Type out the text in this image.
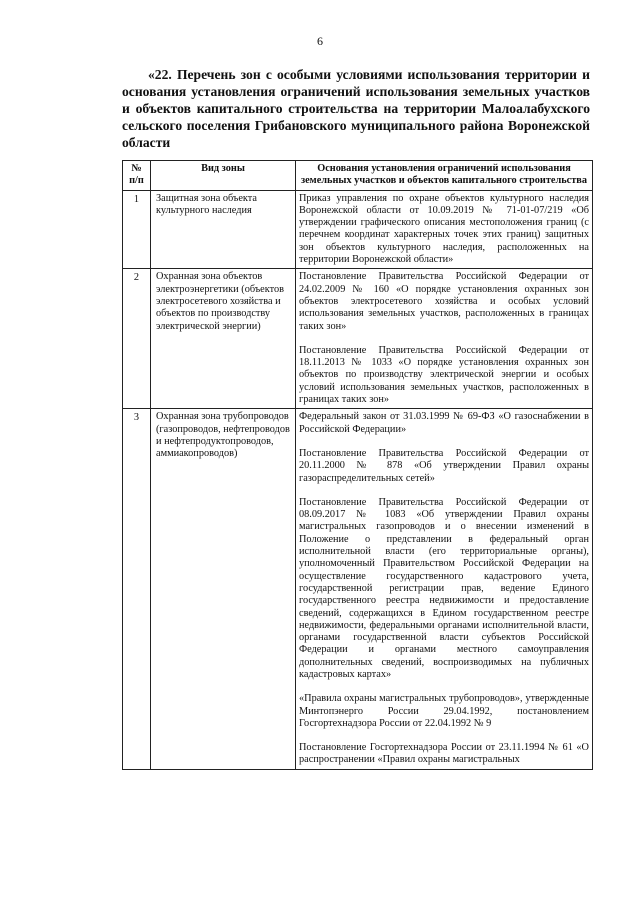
6

«22. Перечень зон с особыми условиями использования территории и основания установления ограничений использования земельных участков и объектов капитального строительства на территории Малоалабухского сельского поселения Грибановского муниципального района Воронежской области

№ п/п	Вид зоны	Основания установления ограничений использования земельных участков и объектов капитального строительства
1	Защитная зона объекта культурного наследия	Приказ управления по охране объектов культурного наследия Воронежской области от 10.09.2019 № 71-01-07/219 «Об утверждении графического описания местоположения границ (с перечнем координат характерных точек этих границ) защитных зон объектов культурного наследия, расположенных на территории Воронежской области»

2	Охранная зона объектов электроэнергетики (объектов электросетевого хозяйства и объектов по производству электрической энергии)	Постановление Правительства Российской Федерации от 24.02.2009 № 160 «О порядке установления охранных зон объектов электросетевого хозяйства и особых условий использования земельных участков, расположенных в границах таких зон»

Постановление Правительства Российской Федерации от 18.11.2013 № 1033 «О порядке установления охранных зон объектов по производству электрической энергии и особых условий использования земельных участков, расположенных в границах таких зон»

3	Охранная зона трубопроводов (газопроводов, нефтепроводов и нефтепродуктопроводов, аммиакопроводов)	Федеральный закон от 31.03.1999 № 69-ФЗ «О газоснабжении в Российской Федерации»

Постановление Правительства Российской Федерации от 20.11.2000 № 878 «Об утверждении Правил охраны газораспределительных сетей»

Постановление Правительства Российской Федерации от 08.09.2017 № 1083 «Об утверждении Правил охраны магистральных газопроводов и о внесении изменений в Положение о представлении в федеральный орган исполнительной власти (его территориальные органы), уполномоченный Правительством Российской Федерации на осуществление государственного кадастрового учета, государственной регистрации прав, ведение Единого государственного реестра недвижимости и предоставление сведений, содержащихся в Едином государственном реестре недвижимости, федеральными органами исполнительной власти, органами государственной власти субъектов Российской Федерации и органами местного самоуправления дополнительных сведений, воспроизводимых на публичных кадастровых картах»

«Правила охраны магистральных трубопроводов», утвержденные Минтопэнерго России 29.04.1992, постановлением Госгортехнадзора России от 22.04.1992 № 9

Постановление Госгортехнадзора России от 23.11.1994 № 61 «О распространении «Правил охраны магистральных
